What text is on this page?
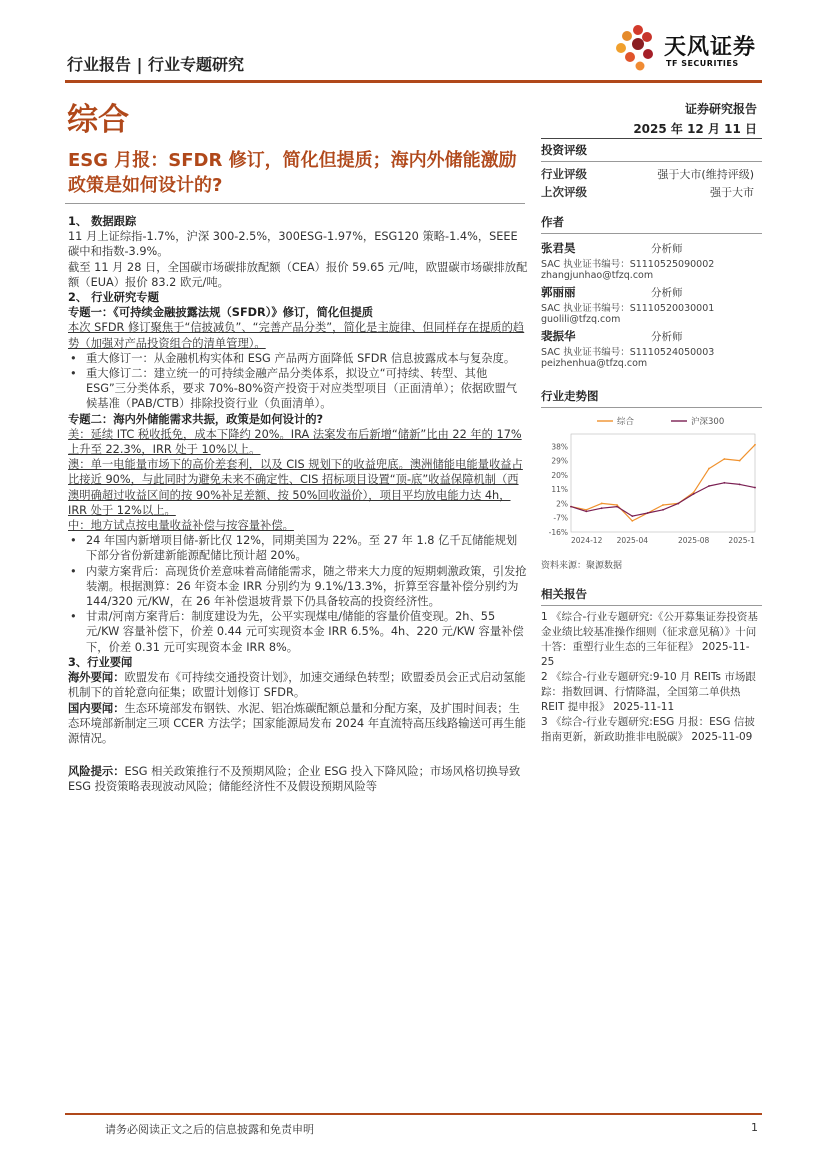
行业报告 | 行业专题研究
天风证券
TF SECURITIES
综合	证券研究报告
2025 年 12 月 11 日
ESG 月报：SFDR 修订，简化但提质；海内外储能激励政策是如何设计的?

1、 数据跟踪

11 月上证综指-1.7%，沪深 300-2.5%，300ESG-1.97%，ESG120 策略-1.4%，SEEE 碳中和指数-3.9%。

截至 11 月 28 日，全国碳市场碳排放配额（CEA）报价 59.65 元/吨，欧盟碳市场碳排放配额（EUA）报价 83.2 欧元/吨。

2、 行业研究专题

专题一：《可持续金融披露法规（SFDR）》修订，简化但提质

本次 SFDR 修订聚焦于“信披减负”、“完善产品分类”，简化是主旋律、但同样存在提质的趋势（加强对产品投资组合的清单管理）。

• 重大修订一：从金融机构实体和 ESG 产品两方面降低 SFDR 信息披露成本与复杂度。

• 重大修订二：建立统一的可持续金融产品分类体系，拟设立“可持续、转型、其他 ESG”三分类体系，要求 70%-80%资产投资于对应类型项目（正面清单）；依据欧盟气候基准（PAB/CTB）排除投资行业（负面清单）。

专题二：海内外储能需求共振，政策是如何设计的?

美：延续 ITC 税收抵免，成本下降约 20%。IRA 法案发布后新增“储新”比由 22 年的 17%上升至 22.3%，IRR 处于 10%以上。

澳：单一电能量市场下的高价差套利，以及 CIS 规划下的收益兜底。澳洲储能电能量收益占比接近 90%，与此同时为避免未来不确定性、CIS 招标项目设置“顶-底”收益保障机制（西澳明确超过收益区间的按 90%补足差额、按 50%回收溢价），项目平均放电能力达 4h，IRR 处于 12%以上。

中：地方试点按电量收益补偿与按容量补偿。

• 24 年国内新增项目储-新比仅 12%，同期美国为 22%。至 27 年 1.8 亿千瓦储能规划下部分省份新建新能源配储比预计超 20%。

• 内蒙方案背后：高现货价差意味着高储能需求，随之带来大力度的短期刺激政策，引发抢装潮。根据测算：26 年资本金 IRR 分别约为 9.1%/13.3%，折算至容量补偿分别约为 144/320 元/KW，在 26 年补偿退坡背景下仍具备较高的投资经济性。

• 甘肃/河南方案背后：制度建设为先，公平实现煤电/储能的容量价值变现。2h、55 元/KW 容量补偿下，价差 0.44 元可实现资本金 IRR 6.5%。4h、220 元/KW 容量补偿下，价差 0.31 元可实现资本金 IRR 8%。

3、行业要闻

海外要闻：欧盟发布《可持续交通投资计划》，加速交通绿色转型；欧盟委员会正式启动氢能机制下的首轮意向征集；欧盟计划修订 SFDR。

国内要闻：生态环境部发布钢铁、水泥、铝冶炼碳配额总量和分配方案，及扩围时间表；生态环境部新制定三项 CCER 方法学；国家能源局发布 2024 年直流特高压线路输送可再生能源情况。

风险提示：ESG 相关政策推行不及预期风险；企业 ESG 投入下降风险；市场风格切换导致 ESG 投资策略表现波动风险；储能经济性不及假设预期风险等

投资评级
行业评级	强于大市(维持评级)
上次评级	强于大市
作者
张君昊	分析师
SAC 执业证书编号：S1110525090002
zhangjunhao@tfzq.com
郭丽丽	分析师
SAC 执业证书编号：S1110520030001
guolili@tfzq.com
裴振华	分析师
SAC 执业证书编号：S1110524050003
peizhenhua@tfzq.com
行业走势图
综合	沪深300
38%
29%
20%
11%
2%
-7%
-16%
2024-12 2025-04	2025-08	2025-1
资料来源：聚源数据
相关报告
1 《综合-行业专题研究:《公开募集证券投资基金业绩比较基准操作细则（征求意见稿）》十问十答：重塑行业生态的三年征程》 2025-11-25
2 《综合-行业专题研究:9-10 月 REITs 市场跟踪：指数回调、行情降温，全国第二单供热 REIT 提申报》 2025-11-11
3 《综合-行业专题研究:ESG 月报：ESG 信披指南更新，新政助推非电脱碳》 2025-11-09
请务必阅读正文之后的信息披露和免责申明	1
